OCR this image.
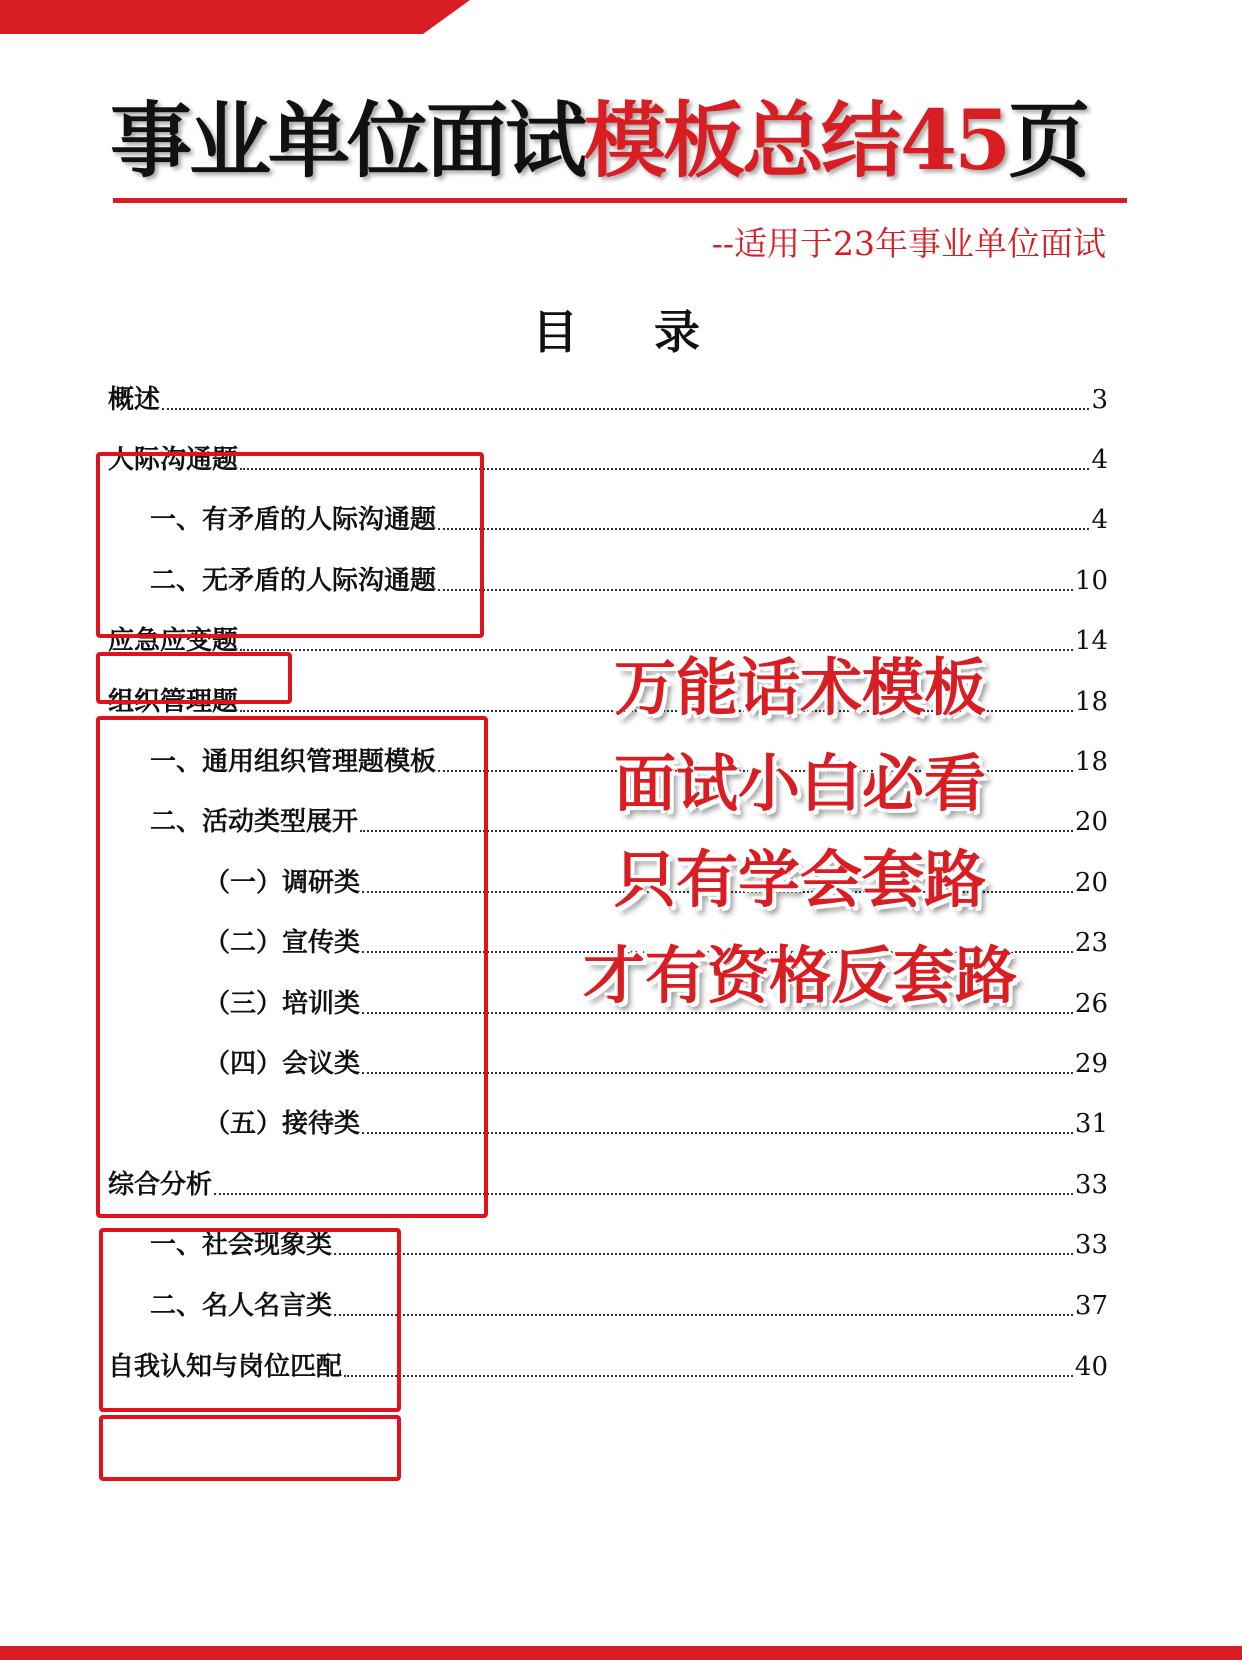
事业单位面试模板总结45页
--适用于23年事业单位面试
目 录
概述	3
人际沟通题	4
一、有矛盾的人际沟通题	4
二、无矛盾的人际沟通题	10
应急应变题	14
组织管理题	18
一、通用组织管理题模板	18
二、活动类型展开	20
（一）调研类	20
（二）宣传类	23
（三）培训类	26
（四）会议类	29
（五）接待类	31
综合分析	33
一、社会现象类	33
二、名人名言类	37
自我认知与岗位匹配	40
万能话术模板
面试小白必看
只有学会套路
才有资格反套路
